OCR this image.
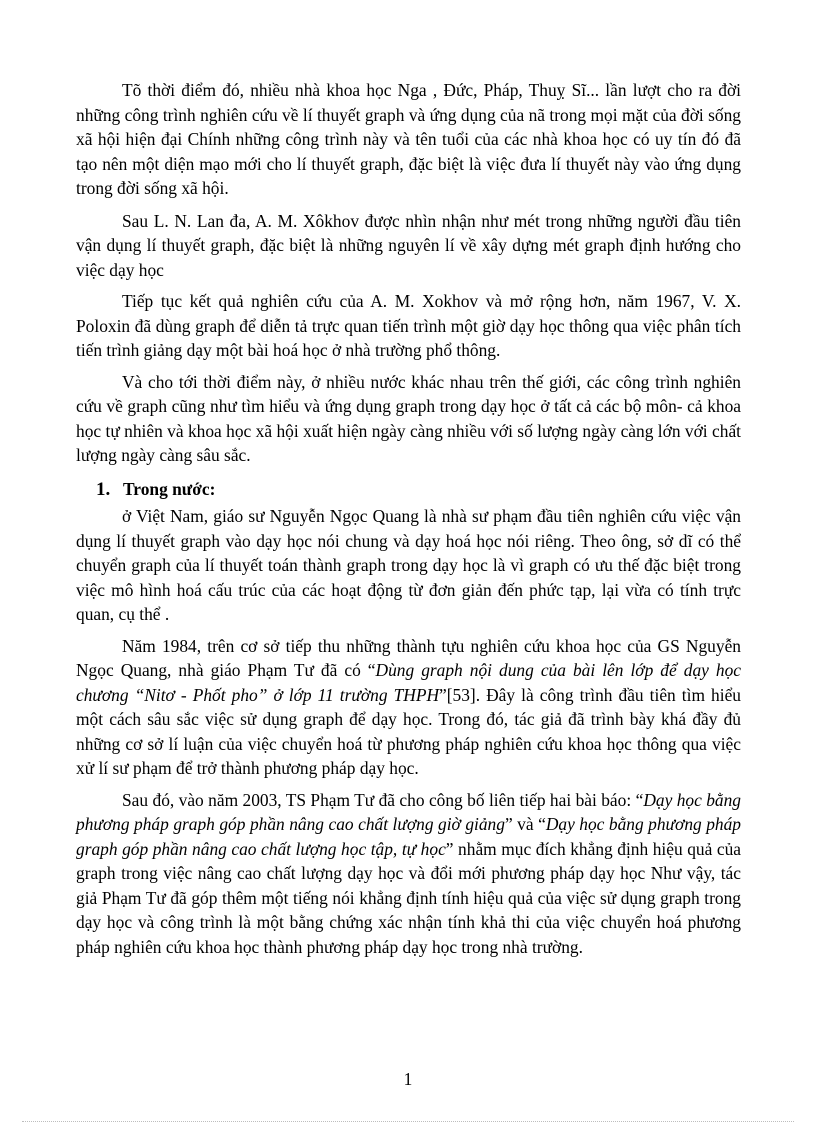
Tõ thời điểm đó, nhiều nhà khoa học Nga , Đức, Pháp, Thuỵ Sĩ... lần lượt cho ra đời những công trình nghiên cứu về lí thuyết graph và ứng dụng của nã trong mọi mặt của đời sống xã hội hiện đại Chính những công trình này và tên tuổi của các nhà khoa học có uy tín đó đã tạo nên một diện mạo mới cho lí thuyết graph, đặc biệt là việc đưa lí thuyết này vào ứng dụng trong đời sống xã hội.

Sau L. N. Lan đa, A. M. Xôkhov được nhìn nhận như mét trong những người đầu tiên vận dụng lí thuyết graph, đặc biệt là những nguyên lí về xây dựng mét graph định hướng cho việc dạy học

Tiếp tục kết quả nghiên cứu của A. M. Xokhov và mở rộng hơn, năm 1967, V. X. Poloxin đã dùng graph để diễn tả trực quan tiến trình một giờ dạy học thông qua việc phân tích tiến trình giảng dạy một bài hoá học ở nhà trường phổ thông.

Và cho tới thời điểm này, ở nhiều nước khác nhau trên thế giới, các công trình nghiên cứu về graph cũng như tìm hiểu và ứng dụng graph trong dạy học ở tất cả các bộ môn- cả khoa học tự nhiên và khoa học xã hội xuất hiện ngày càng nhiều với số lượng ngày càng lớn với chất lượng ngày càng sâu sắc.

1. Trong nước:

ở Việt Nam, giáo sư Nguyễn Ngọc Quang là nhà sư phạm đầu tiên nghiên cứu việc vận dụng lí thuyết graph vào dạy học nói chung và dạy hoá học nói riêng. Theo ông, sở dĩ có thể chuyển graph của lí thuyết toán thành graph trong dạy học là vì graph có ưu thế đặc biệt trong việc mô hình hoá cấu trúc của các hoạt động từ đơn giản đến phức tạp, lại vừa có tính trực quan, cụ thể .

Năm 1984, trên cơ sở tiếp thu những thành tựu nghiên cứu khoa học của GS Nguyễn Ngọc Quang, nhà giáo Phạm Tư đã có “Dùng graph nội dung của bài lên lớp để dạy học chương “Nitơ - Phốt pho” ở lớp 11 trường THPH”[53]. Đây là công trình đầu tiên tìm hiểu một cách sâu sắc việc sử dụng graph để dạy học. Trong đó, tác giả đã trình bày khá đầy đủ những cơ sở lí luận của việc chuyển hoá từ phương pháp nghiên cứu khoa học thông qua việc xử lí sư phạm để trở thành phương pháp dạy học.

Sau đó, vào năm 2003, TS Phạm Tư đã cho công bố liên tiếp hai bài báo: “Dạy học bằng phương pháp graph góp phần nâng cao chất lượng giờ giảng” và “Dạy học bằng phương pháp graph góp phần nâng cao chất lượng học tập, tự học” nhằm mục đích khẳng định hiệu quả của graph trong việc nâng cao chất lượng dạy học và đổi mới phương pháp dạy học Như vậy, tác giả Phạm Tư đã góp thêm một tiếng nói khẳng định tính hiệu quả của việc sử dụng graph trong dạy học và công trình là một bằng chứng xác nhận tính khả thi của việc chuyển hoá phương pháp nghiên cứu khoa học thành phương pháp dạy học trong nhà trường.

1
